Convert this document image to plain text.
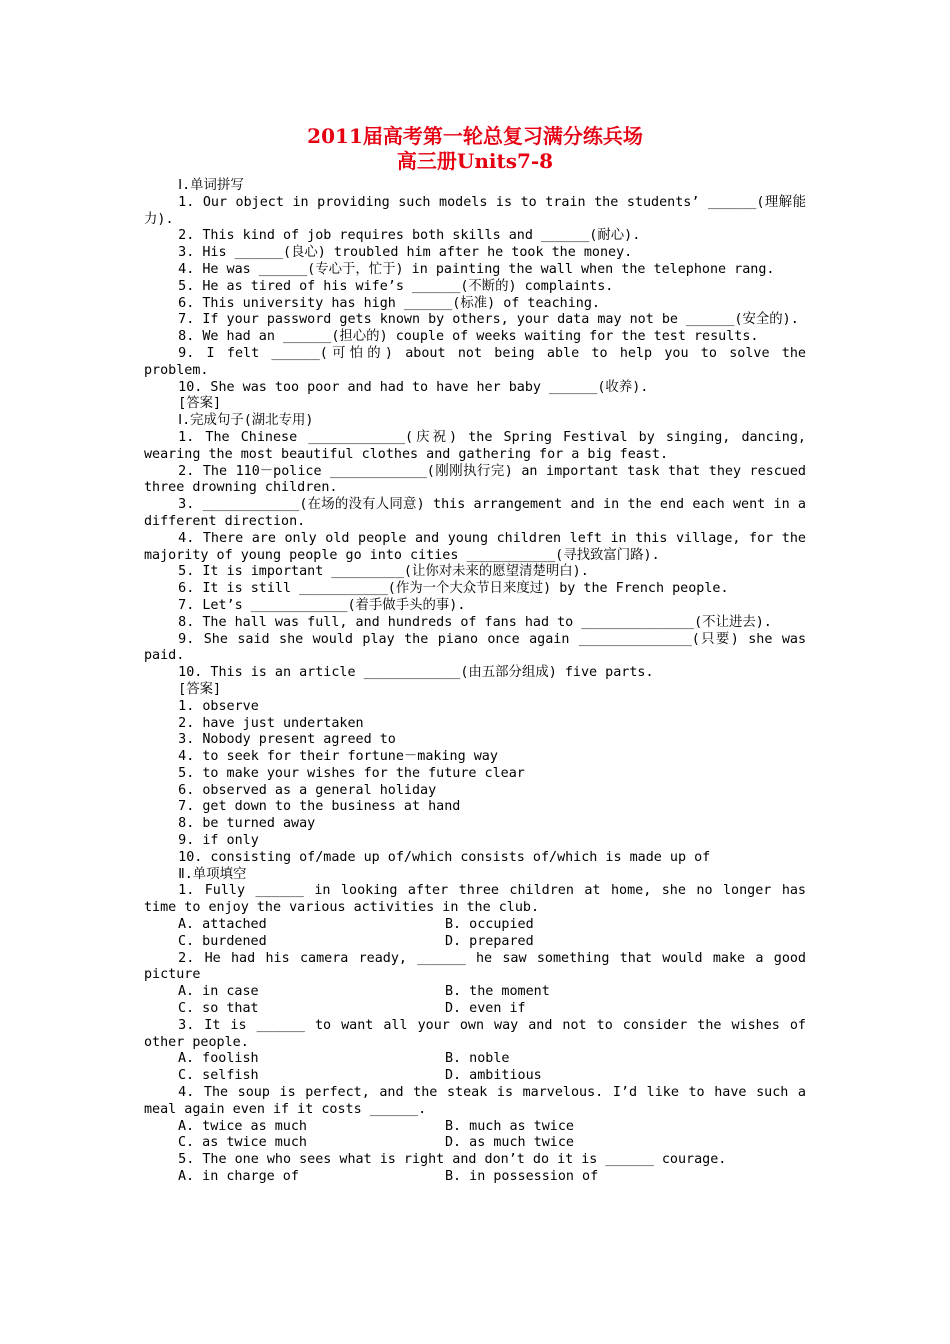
2011届高考第一轮总复习满分练兵场
高三册Units7-8

Ⅰ.单词拼写

1. Our object in providing such models is to train the students’ ______(理解能力).

2. This kind of job requires both skills and ______(耐心).

3. His ______(良心) troubled him after he took the money.

4. He was ______(专心于，忙于) in painting the wall when the telephone rang.

5. He as tired of his wife’s ______(不断的) complaints.

6. This university has high ______(标准) of teaching.

7. If your password gets known by others, your data may not be ______(安全的).

8. We had an ______(担心的) couple of weeks waiting for the test results.

9. I felt ______(可怕的) about not being able to help you to solve the problem.

10. She was too poor and had to have her baby ______(收养).

[答案]

Ⅰ.完成句子(湖北专用)

1. The Chinese ____________(庆祝) the Spring Festival by singing, dancing, wearing the most beautiful clothes and gathering for a big feast.

2. The 110－police ____________(刚刚执行完) an important task that they rescued three drowning children.

3. ____________(在场的没有人同意) this arrangement and in the end each went in a different direction.

4. There are only old people and young children left in this village, for the majority of young people go into cities ___________(寻找致富门路).

5. It is important _________(让你对未来的愿望清楚明白).

6. It is still ___________(作为一个大众节日来度过) by the French people.

7. Let’s ____________(着手做手头的事).

8. The hall was full, and hundreds of fans had to ______________(不让进去).

9. She said she would play the piano once again ______________(只要) she was paid.

10. This is an article ____________(由五部分组成) five parts.

[答案]

1. observe

2. have just undertaken

3. Nobody present agreed to

4. to seek for their fortune－making way

5. to make your wishes for the future clear

6. observed as a general holiday

7. get down to the business at hand

8. be turned away

9. if only

10. consisting of/made up of/which consists of/which is made up of

Ⅱ.单项填空

1. Fully ______ in looking after three children at home, she no longer has time to enjoy the various activities in the club.

A. attached	B. occupied
C. burdened	D. prepared

2. He had his camera ready, ______ he saw something that would make a good picture

A. in case	B. the moment
C. so that	D. even if

3. It is ______ to want all your own way and not to consider the wishes of other people.

A. foolish	B. noble
C. selfish	D. ambitious

4. The soup is perfect, and the steak is marvelous. I’d like to have such a meal again even if it costs ______.

A. twice as much	B. much as twice
C. as twice much	D. as much twice

5. The one who sees what is right and don’t do it is ______ courage.

A. in charge of	B. in possession of
